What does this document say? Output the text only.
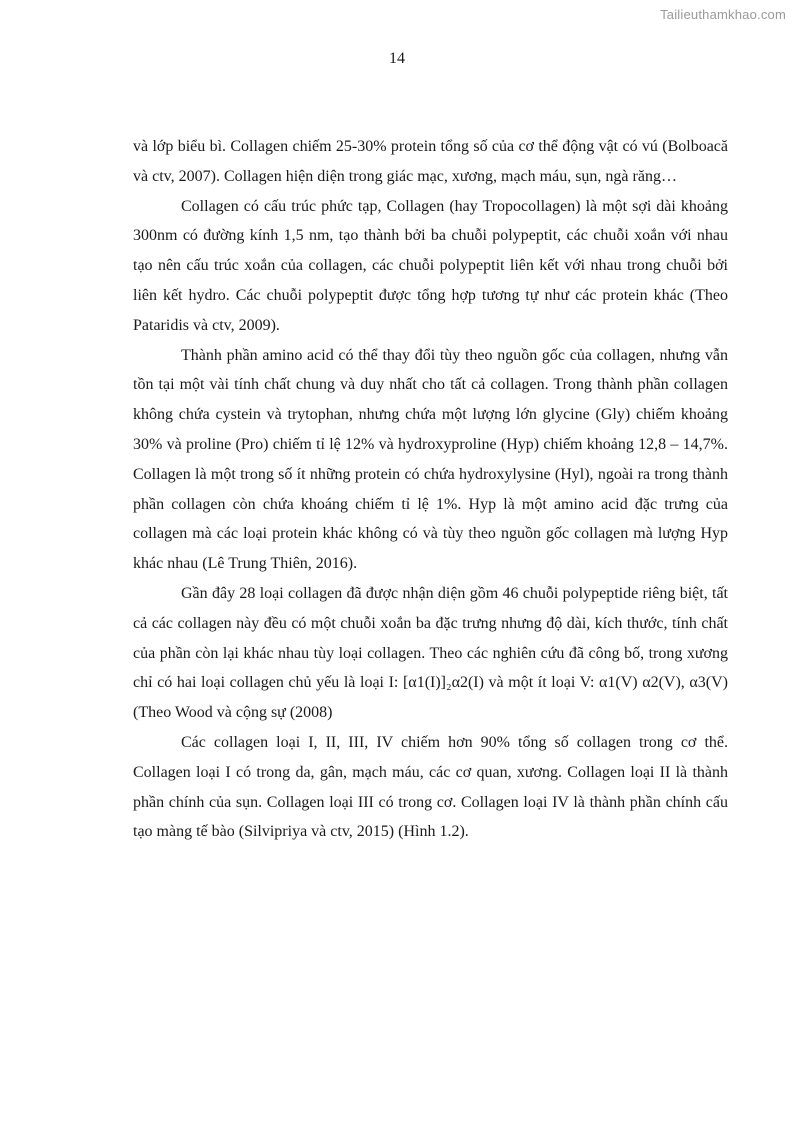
Tailieuthamkhao.com
14

và lớp biểu bì. Collagen chiếm 25-30% protein tổng số của cơ thể động vật có vú (Bolboacă và ctv, 2007). Collagen hiện diện trong giác mạc, xương, mạch máu, sụn, ngà răng…

Collagen có cấu trúc phức tạp, Collagen (hay Tropocollagen) là một sợi dài khoảng 300nm có đường kính 1,5 nm, tạo thành bởi ba chuỗi polypeptit, các chuỗi xoắn với nhau tạo nên cấu trúc xoắn của collagen, các chuỗi polypeptit liên kết với nhau trong chuỗi bởi liên kết hydro. Các chuỗi polypeptit được tổng hợp tương tự như các protein khác (Theo Pataridis và ctv, 2009).

Thành phần amino acid có thể thay đổi tùy theo nguồn gốc của collagen, nhưng vẫn tồn tại một vài tính chất chung và duy nhất cho tất cả collagen. Trong thành phần collagen không chứa cystein và trytophan, nhưng chứa một lượng lớn glycine (Gly) chiếm khoảng 30% và proline (Pro) chiếm tỉ lệ 12% và hydroxyproline (Hyp) chiếm khoảng 12,8 – 14,7%. Collagen là một trong số ít những protein có chứa hydroxylysine (Hyl), ngoài ra trong thành phần collagen còn chứa khoáng chiếm tỉ lệ 1%. Hyp là một amino acid đặc trưng của collagen mà các loại protein khác không có và tùy theo nguồn gốc collagen mà lượng Hyp khác nhau (Lê Trung Thiên, 2016).

Gần đây 28 loại collagen đã được nhận diện gồm 46 chuỗi polypeptide riêng biệt, tất cả các collagen này đều có một chuỗi xoắn ba đặc trưng nhưng độ dài, kích thước, tính chất của phần còn lại khác nhau tùy loại collagen. Theo các nghiên cứu đã công bố, trong xương chỉ có hai loại collagen chủ yếu là loại I: [α1(I)]₂α2(I) và một ít loại V: α1(V) α2(V), α3(V) (Theo Wood và cộng sự (2008)

Các collagen loại I, II, III, IV chiếm hơn 90% tổng số collagen trong cơ thể. Collagen loại I có trong da, gân, mạch máu, các cơ quan, xương. Collagen loại II là thành phần chính của sụn. Collagen loại III có trong cơ. Collagen loại IV là thành phần chính cấu tạo màng tế bào (Silvipriya và ctv, 2015) (Hình 1.2).
